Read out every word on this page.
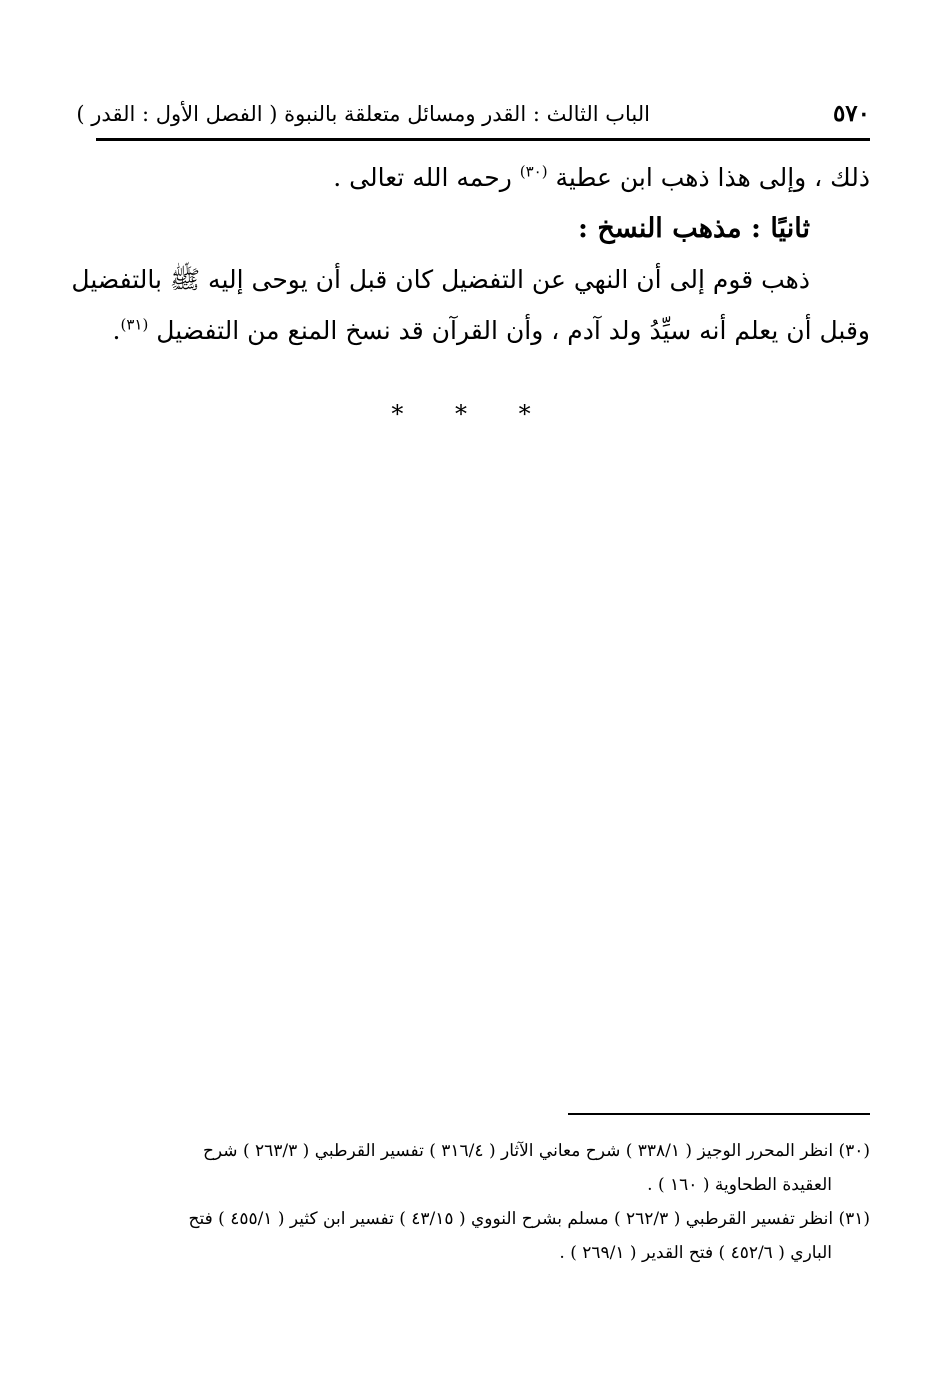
٥٧٠
الباب الثالث : القدر ومسائل متعلقة بالنبوة ( الفصل الأول : القدر )

ذلك ، وإلى هذا ذهب ابن عطية $^{(٣٠)}$ رحمه الله تعالى .

ثانيًا : مذهب النسخ :

ذهب قوم إلى أن النهي عن التفضيل كان قبل أن يوحى إليه ﷺ بالتفضيل

وقبل أن يعلم أنه سيِّدُ ولد آدم ، وأن القرآن قد نسخ المنع من التفضيل $^{(٣١)}$.

* * *
(٣٠) انظر المحرر الوجيز ( ٣٣٨/١ ) شرح معاني الآثار ( ٣١٦/٤ ) تفسير القرطبي ( ٢٦٣/٣ ) شرح
العقيدة الطحاوية ( ١٦٠ ) .
(٣١) انظر تفسير القرطبي ( ٢٦٢/٣ ) مسلم بشرح النووي ( ٤٣/١٥ ) تفسير ابن كثير ( ٤٥٥/١ ) فتح
الباري ( ٤٥٢/٦ ) فتح القدير ( ٢٦٩/١ ) .
